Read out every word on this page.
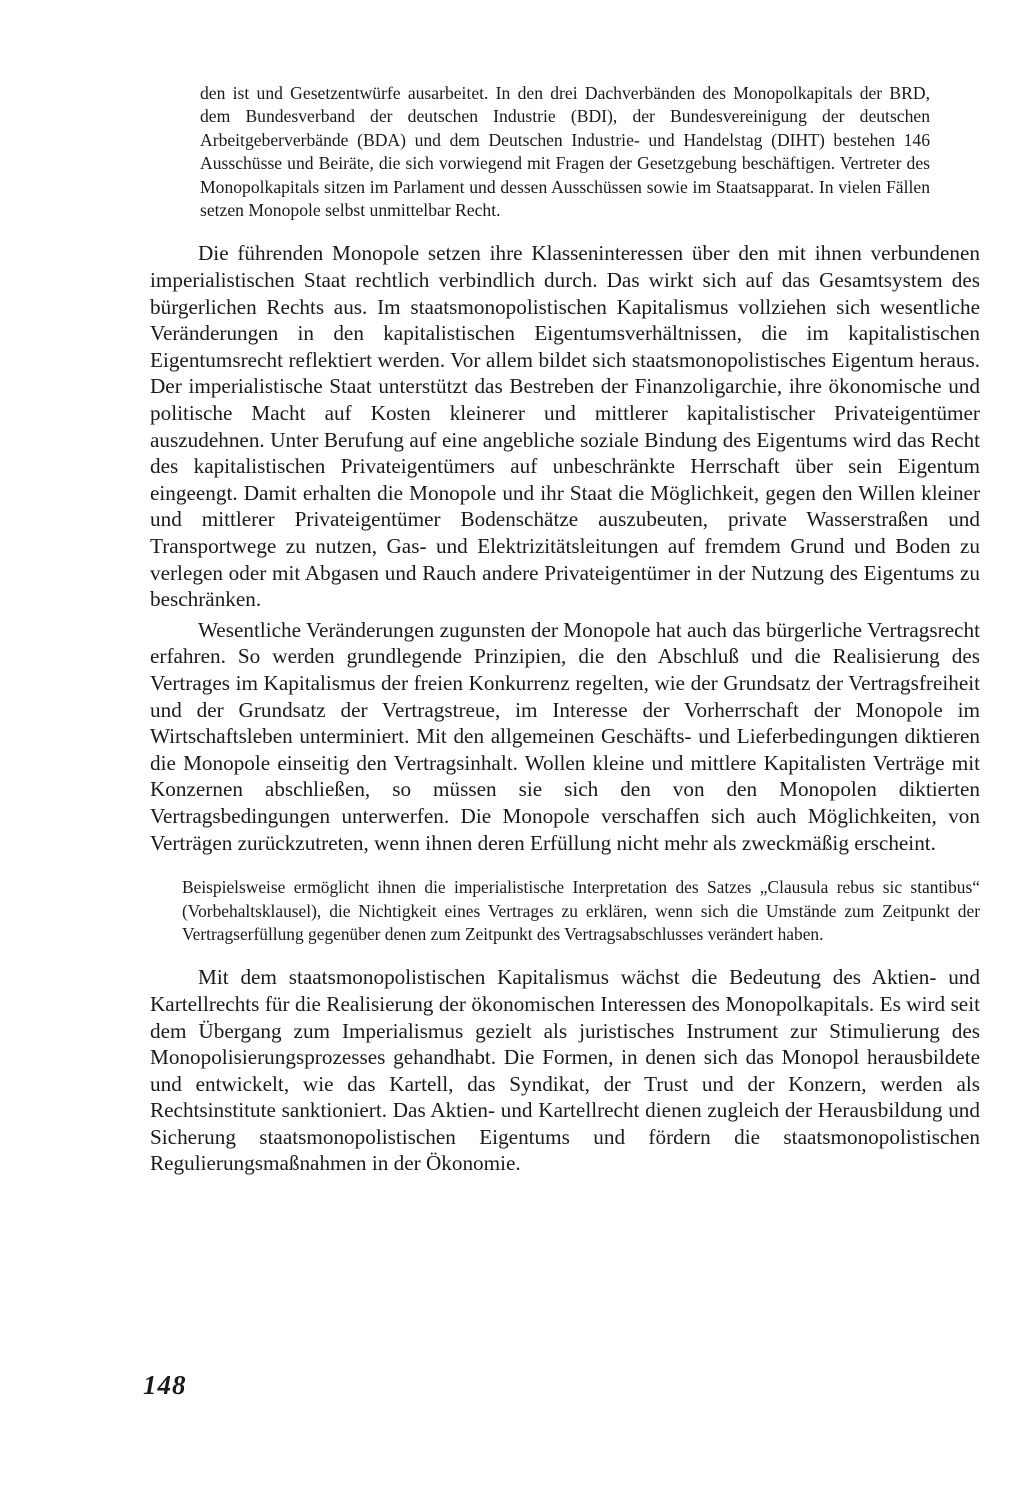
den ist und Gesetzentwürfe ausarbeitet. In den drei Dachverbänden des Monopolkapitals der BRD, dem Bundesverband der deutschen Industrie (BDI), der Bundesvereinigung der deutschen Arbeitgeberverbände (BDA) und dem Deutschen Industrie- und Handelstag (DIHT) bestehen 146 Ausschüsse und Beiräte, die sich vorwiegend mit Fragen der Gesetzgebung beschäftigen. Vertreter des Monopolkapitals sitzen im Parlament und dessen Ausschüssen sowie im Staatsapparat. In vielen Fällen setzen Monopole selbst unmittelbar Recht.

Die führenden Monopole setzen ihre Klasseninteressen über den mit ihnen verbundenen imperialistischen Staat rechtlich verbindlich durch. Das wirkt sich auf das Gesamtsystem des bürgerlichen Rechts aus. Im staatsmonopolistischen Kapitalismus vollziehen sich wesentliche Veränderungen in den kapitalistischen Eigentumsverhältnissen, die im kapitalistischen Eigentumsrecht reflektiert werden. Vor allem bildet sich staatsmonopolistisches Eigentum heraus. Der imperialistische Staat unterstützt das Bestreben der Finanzoligarchie, ihre ökonomische und politische Macht auf Kosten kleinerer und mittlerer kapitalistischer Privateigentümer auszudehnen. Unter Berufung auf eine angebliche soziale Bindung des Eigentums wird das Recht des kapitalistischen Privateigentümers auf unbeschränkte Herrschaft über sein Eigentum eingeengt. Damit erhalten die Monopole und ihr Staat die Möglichkeit, gegen den Willen kleiner und mittlerer Privateigentümer Bodenschätze auszubeuten, private Wasserstraßen und Transportwege zu nutzen, Gas- und Elektrizitätsleitungen auf fremdem Grund und Boden zu verlegen oder mit Abgasen und Rauch andere Privateigentümer in der Nutzung des Eigentums zu beschränken.

Wesentliche Veränderungen zugunsten der Monopole hat auch das bürgerliche Vertragsrecht erfahren. So werden grundlegende Prinzipien, die den Abschluß und die Realisierung des Vertrages im Kapitalismus der freien Konkurrenz regelten, wie der Grundsatz der Vertragsfreiheit und der Grundsatz der Vertragstreue, im Interesse der Vorherrschaft der Monopole im Wirtschaftsleben unterminiert. Mit den allgemeinen Geschäfts- und Lieferbedingungen diktieren die Monopole einseitig den Vertragsinhalt. Wollen kleine und mittlere Kapitalisten Verträge mit Konzernen abschließen, so müssen sie sich den von den Monopolen diktierten Vertragsbedingungen unterwerfen. Die Monopole verschaffen sich auch Möglichkeiten, von Verträgen zurückzutreten, wenn ihnen deren Erfüllung nicht mehr als zweckmäßig erscheint.

Beispielsweise ermöglicht ihnen die imperialistische Interpretation des Satzes „Clausula rebus sic stantibus“ (Vorbehaltsklausel), die Nichtigkeit eines Vertrages zu erklären, wenn sich die Umstände zum Zeitpunkt der Vertragserfüllung gegenüber denen zum Zeitpunkt des Vertragsabschlusses verändert haben.

Mit dem staatsmonopolistischen Kapitalismus wächst die Bedeutung des Aktien- und Kartellrechts für die Realisierung der ökonomischen Interessen des Monopolkapitals. Es wird seit dem Übergang zum Imperialismus gezielt als juristisches Instrument zur Stimulierung des Monopolisierungsprozesses gehandhabt. Die Formen, in denen sich das Monopol herausbildete und entwickelt, wie das Kartell, das Syndikat, der Trust und der Konzern, werden als Rechtsinstitute sanktioniert. Das Aktien- und Kartellrecht dienen zugleich der Herausbildung und Sicherung staatsmonopolistischen Eigentums und fördern die staatsmonopolistischen Regulierungsmaßnahmen in der Ökonomie.

148
